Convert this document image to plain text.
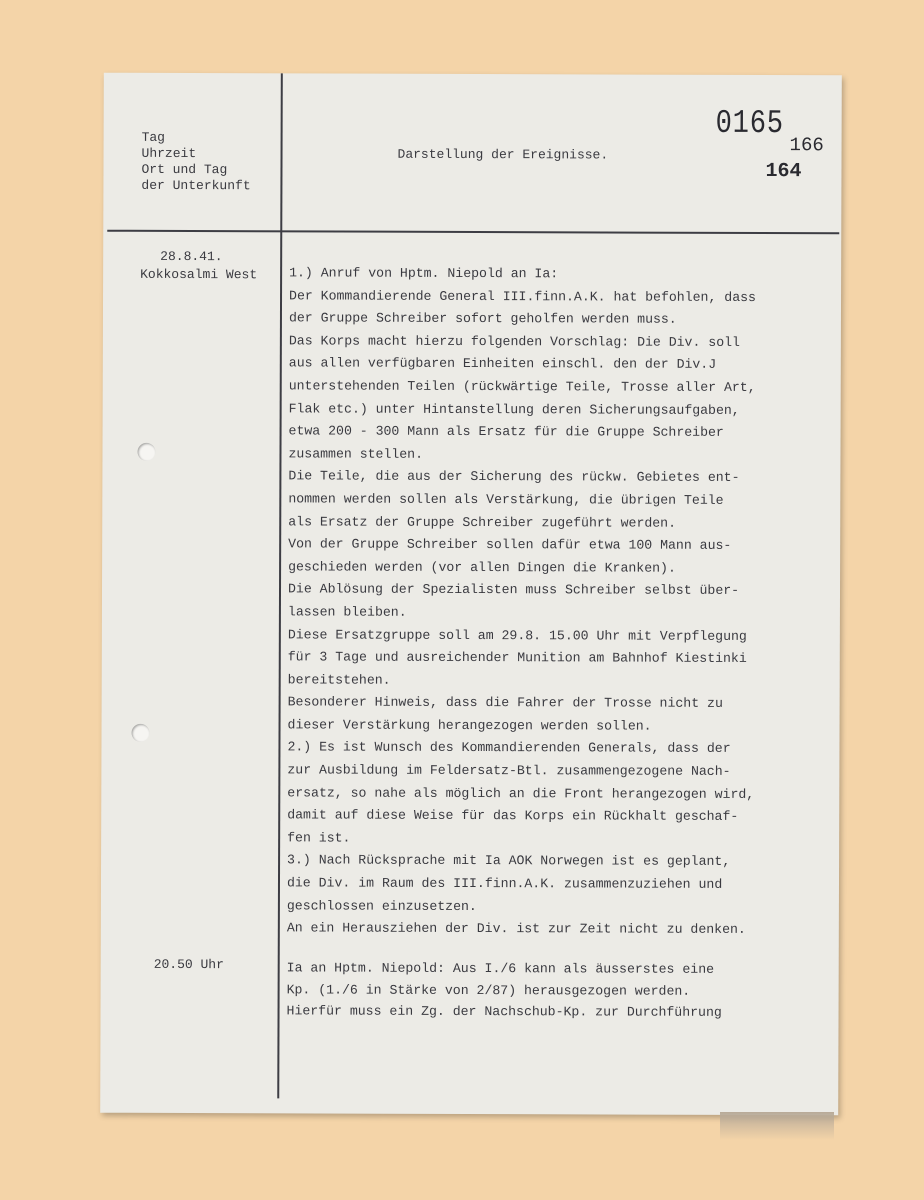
Tag
Uhrzeit
Ort und Tag
der Unterkunft
Darstellung der Ereignisse.
0165
166
164
28.8.41.
Kokkosalmi West 1.) Anruf von Hptm. Niepold an Ia:
Der Kommandierende General III.finn.A.K. hat befohlen, dass
der Gruppe Schreiber sofort geholfen werden muss.
Das Korps macht hierzu folgenden Vorschlag: Die Div. soll
aus allen verfügbaren Einheiten einschl. den der Div.J
unterstehenden Teilen (rückwärtige Teile, Trosse aller Art,
Flak etc.) unter Hintanstellung deren Sicherungsaufgaben,
etwa 200 - 300 Mann als Ersatz für die Gruppe Schreiber
zusammen stellen.
Die Teile, die aus der Sicherung des rückw. Gebietes ent-
nommen werden sollen als Verstärkung, die übrigen Teile
als Ersatz der Gruppe Schreiber zugeführt werden.
Von der Gruppe Schreiber sollen dafür etwa 100 Mann aus-
geschieden werden (vor allen Dingen die Kranken).
Die Ablösung der Spezialisten muss Schreiber selbst über-
lassen bleiben.
Diese Ersatzgruppe soll am 29.8. 15.00 Uhr mit Verpflegung
für 3 Tage und ausreichender Munition am Bahnhof Kiestinki
bereitstehen.
Besonderer Hinweis, dass die Fahrer der Trosse nicht zu
dieser Verstärkung herangezogen werden sollen.
2.) Es ist Wunsch des Kommandierenden Generals, dass der
zur Ausbildung im Feldersatz-Btl. zusammengezogene Nach-
ersatz, so nahe als möglich an die Front herangezogen wird,
damit auf diese Weise für das Korps ein Rückhalt geschaf-
fen ist.
3.) Nach Rücksprache mit Ia AOK Norwegen ist es geplant,
die Div. im Raum des III.finn.A.K. zusammenzuziehen und
geschlossen einzusetzen.
An ein Herausziehen der Div. ist zur Zeit nicht zu denken.
20.50 Uhr	Ia an Hptm. Niepold: Aus I./6 kann als äusserstes eine
Kp. (1./6 in Stärke von 2/87) herausgezogen werden.
Hierfür muss ein Zg. der Nachschub-Kp. zur Durchführung
